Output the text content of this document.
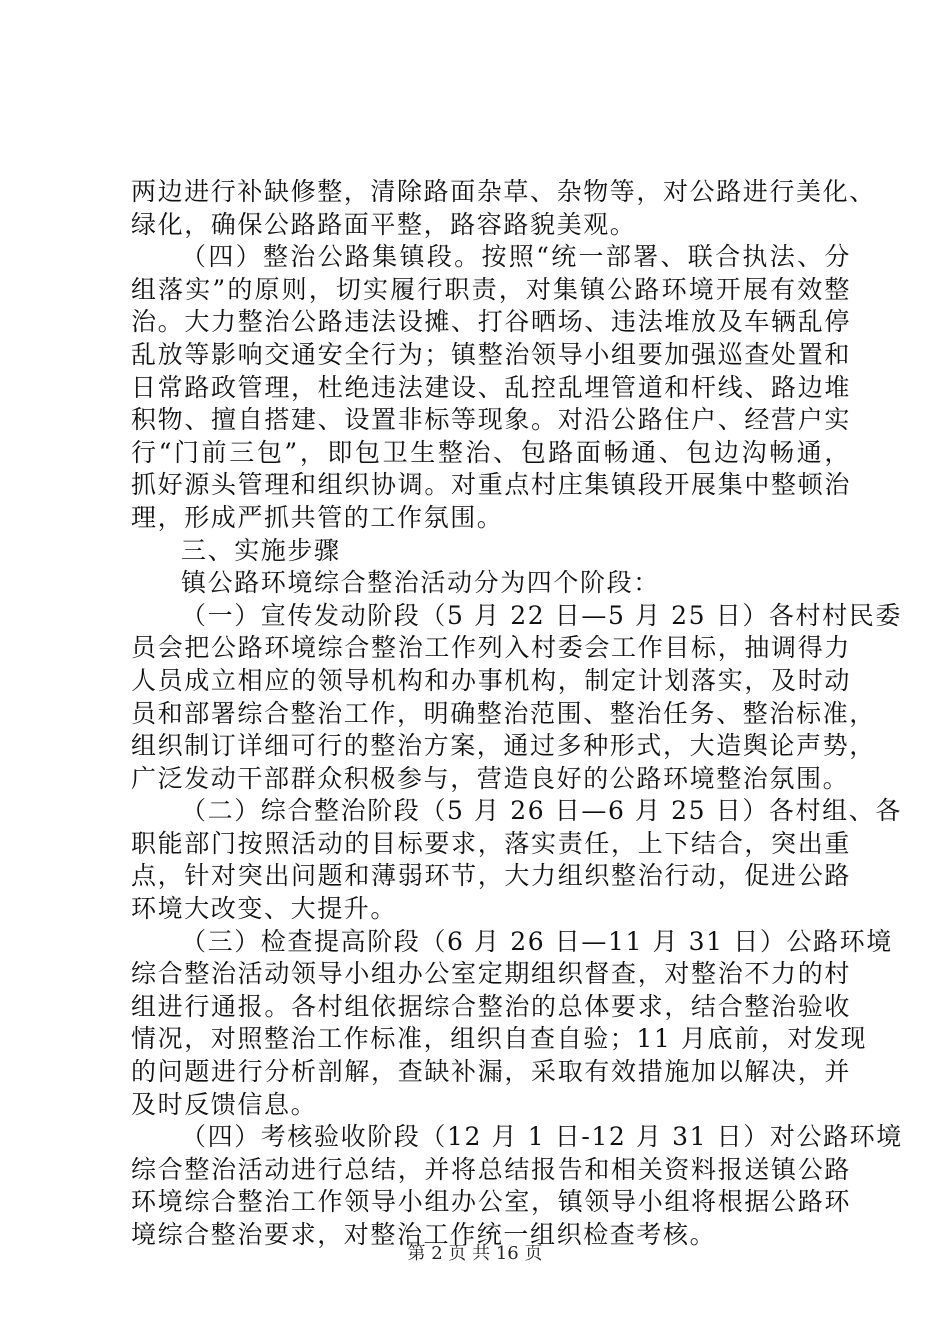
两边进行补缺修整，清除路面杂草、杂物等，对公路进行美化、
绿化，确保公路路面平整，路容路貌美观。
（四）整治公路集镇段。按照“统一部署、联合执法、分
组落实”的原则，切实履行职责，对集镇公路环境开展有效整
治。大力整治公路违法设摊、打谷晒场、违法堆放及车辆乱停
乱放等影响交通安全行为；镇整治领导小组要加强巡查处置和
日常路政管理，杜绝违法建设、乱控乱埋管道和杆线、路边堆
积物、擅自搭建、设置非标等现象。对沿公路住户、经营户实
行“门前三包”，即包卫生整治、包路面畅通、包边沟畅通，
抓好源头管理和组织协调。对重点村庄集镇段开展集中整顿治
理，形成严抓共管的工作氛围。
三、实施步骤
镇公路环境综合整治活动分为四个阶段：
（一）宣传发动阶段（5 月 22 日—5 月 25 日）各村村民委
员会把公路环境综合整治工作列入村委会工作目标，抽调得力
人员成立相应的领导机构和办事机构，制定计划落实，及时动
员和部署综合整治工作，明确整治范围、整治任务、整治标准，
组织制订详细可行的整治方案，通过多种形式，大造舆论声势，
广泛发动干部群众积极参与，营造良好的公路环境整治氛围。
（二）综合整治阶段（5 月 26 日—6 月 25 日）各村组、各
职能部门按照活动的目标要求，落实责任，上下结合，突出重
点，针对突出问题和薄弱环节，大力组织整治行动，促进公路
环境大改变、大提升。
（三）检查提高阶段（6 月 26 日—11 月 31 日）公路环境
综合整治活动领导小组办公室定期组织督查，对整治不力的村
组进行通报。各村组依据综合整治的总体要求，结合整治验收
情况，对照整治工作标准，组织自查自验；11 月底前，对发现
的问题进行分析剖解，查缺补漏，采取有效措施加以解决，并
及时反馈信息。
（四）考核验收阶段（12 月 1 日-12 月 31 日）对公路环境
综合整治活动进行总结，并将总结报告和相关资料报送镇公路
环境综合整治工作领导小组办公室，镇领导小组将根据公路环
境综合整治要求，对整治工作统一组织检查考核。
第 2 页 共 16 页
